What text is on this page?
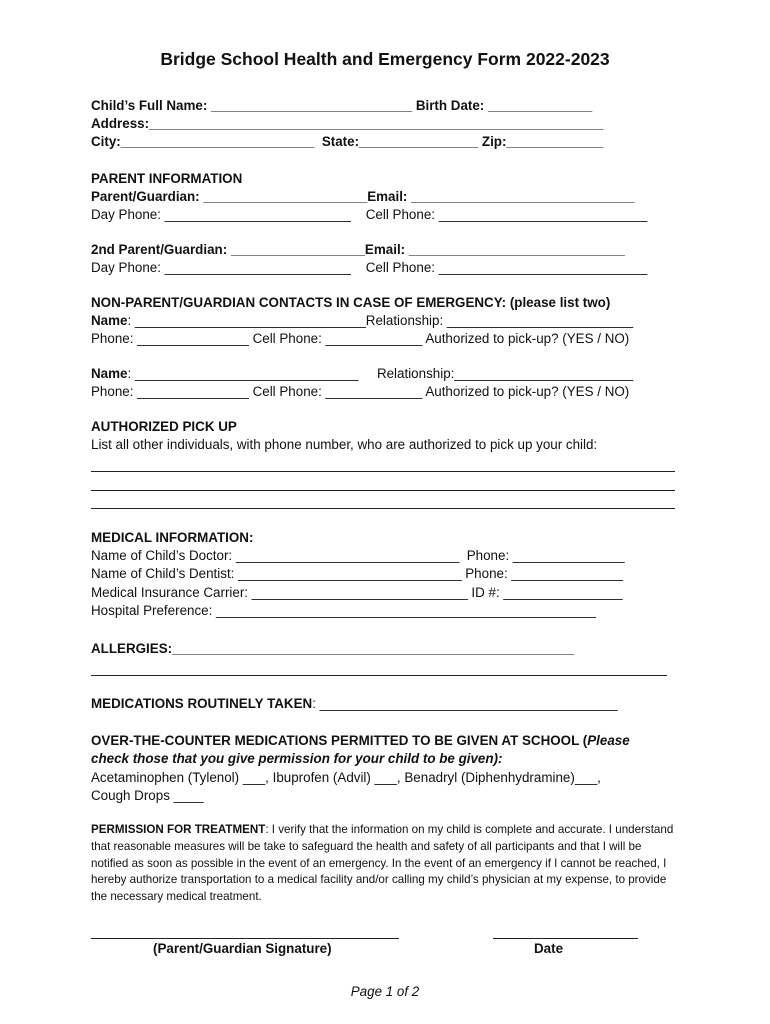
Bridge School Health and Emergency Form 2022-2023
Child’s Full Name: ___________________________ Birth Date: ______________
Address:_____________________________________________________________
City:__________________________  State:________________ Zip:_____________
PARENT INFORMATION
Parent/Guardian: ______________________Email: ______________________________
Day Phone: _________________________    Cell Phone: ____________________________
2nd Parent/Guardian: __________________Email: _____________________________
Day Phone: _________________________    Cell Phone: ____________________________
NON-PARENT/GUARDIAN CONTACTS IN CASE OF EMERGENCY: (please list two)
Name: _______________________________Relationship: _________________________
Phone: _______________ Cell Phone: _____________ Authorized to pick-up? (YES / NO)
Name: ______________________________     Relationship:________________________
Phone: _______________ Cell Phone: _____________ Authorized to pick-up? (YES / NO)
AUTHORIZED PICK UP
List all other individuals, with phone number, who are authorized to pick up your child:
MEDICAL INFORMATION:
Name of Child’s Doctor: ______________________________  Phone: _______________
Name of Child’s Dentist: ______________________________ Phone: _______________
Medical Insurance Carrier: _____________________________ ID #: ________________
Hospital Preference: ___________________________________________________
ALLERGIES:______________________________________________________
MEDICATIONS ROUTINELY TAKEN: ________________________________________
OVER-THE-COUNTER MEDICATIONS PERMITTED TO BE GIVEN AT SCHOOL (Please
check those that you give permission for your child to be given):
Acetaminophen (Tylenol) ___, Ibuprofen (Advil) ___, Benadryl (Diphenhydramine)___,
Cough Drops ____
PERMISSION FOR TREATMENT: I verify that the information on my child is complete and accurate. I understand that reasonable measures will be take to safeguard the health and safety of all participants and that I will be notified as soon as possible in the event of an emergency. In the event of an emergency if I cannot be reached, I hereby authorize transportation to a medical facility and/or calling my child’s physician at my expense, to provide the necessary medical treatment.
(Parent/Guardian Signature)	Date
Page 1 of 2
